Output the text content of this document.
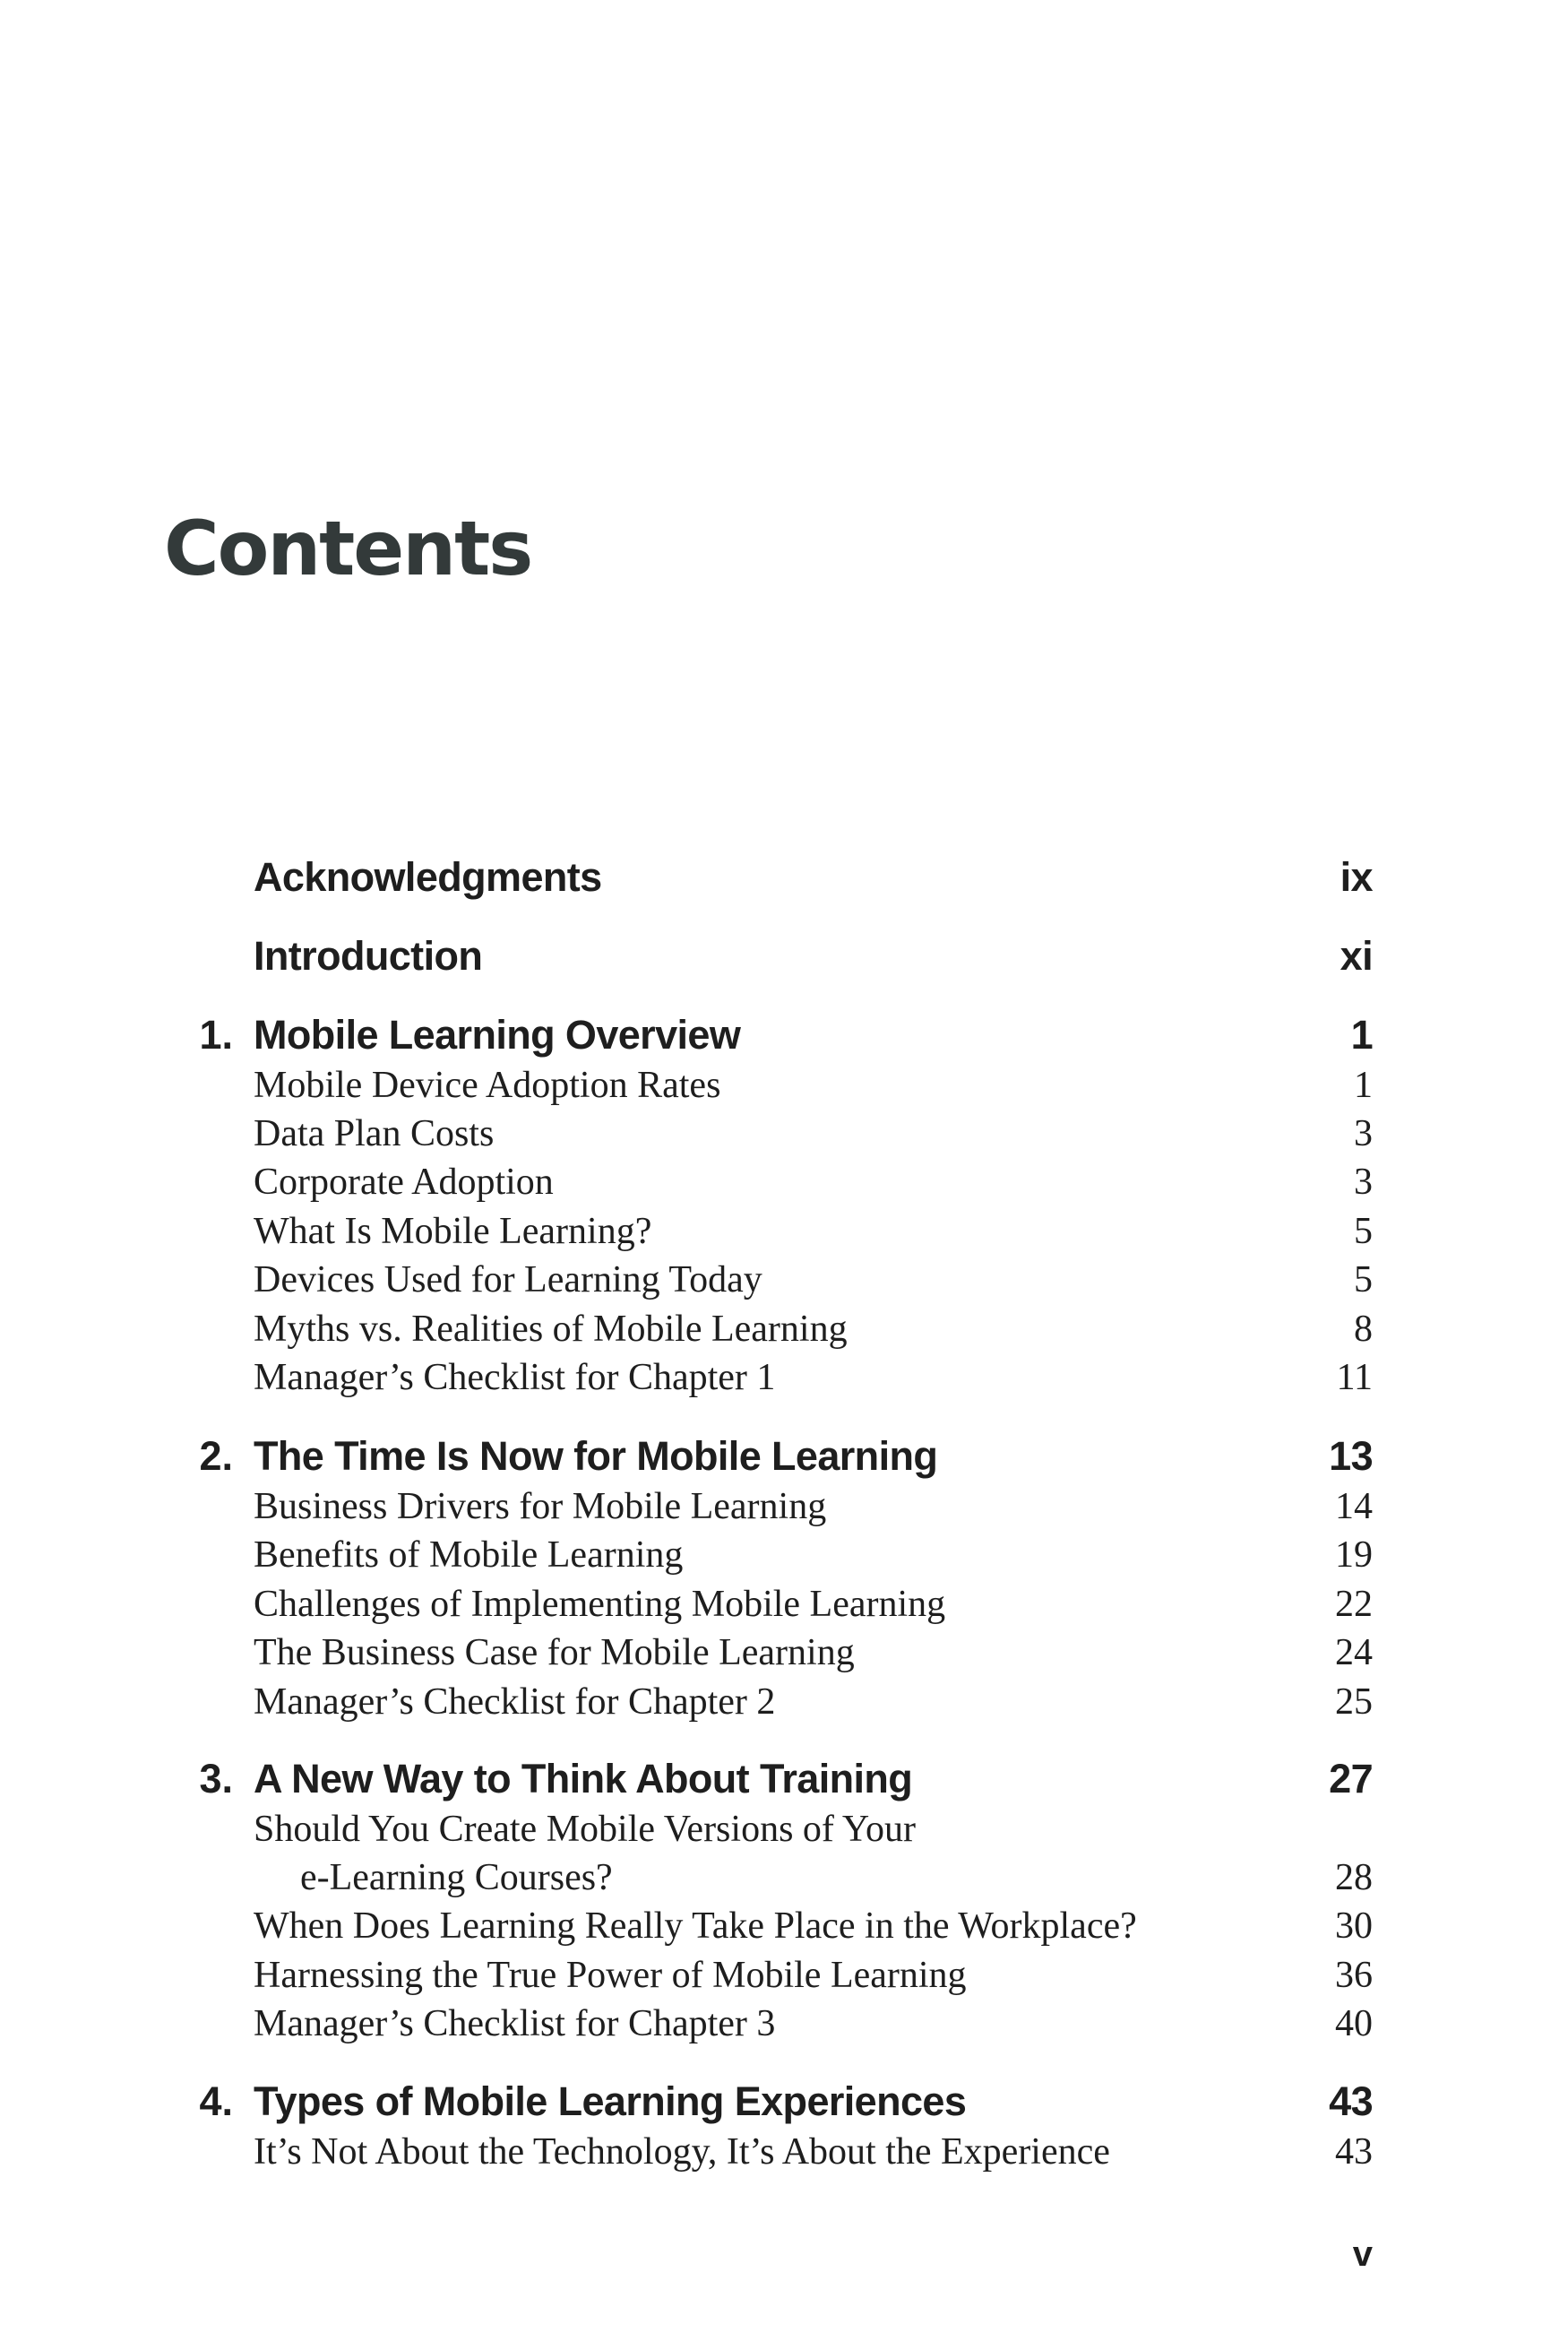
Contents
Acknowledgments	ix
Introduction	xi
1. Mobile Learning Overview	1
Mobile Device Adoption Rates	1
Data Plan Costs	3
Corporate Adoption	3
What Is Mobile Learning?	5
Devices Used for Learning Today	5
Myths vs. Realities of Mobile Learning	8
Manager’s Checklist for Chapter 1	11
2. The Time Is Now for Mobile Learning	13
Business Drivers for Mobile Learning	14
Benefits of Mobile Learning	19
Challenges of Implementing Mobile Learning	22
The Business Case for Mobile Learning	24
Manager’s Checklist for Chapter 2	25
3. A New Way to Think About Training	27
Should You Create Mobile Versions of Your
e-Learning Courses?	28
When Does Learning Really Take Place in the Workplace?	30
Harnessing the True Power of Mobile Learning	36
Manager’s Checklist for Chapter 3	40
4. Types of Mobile Learning Experiences	43
It’s Not About the Technology, It’s About the Experience	43
v
